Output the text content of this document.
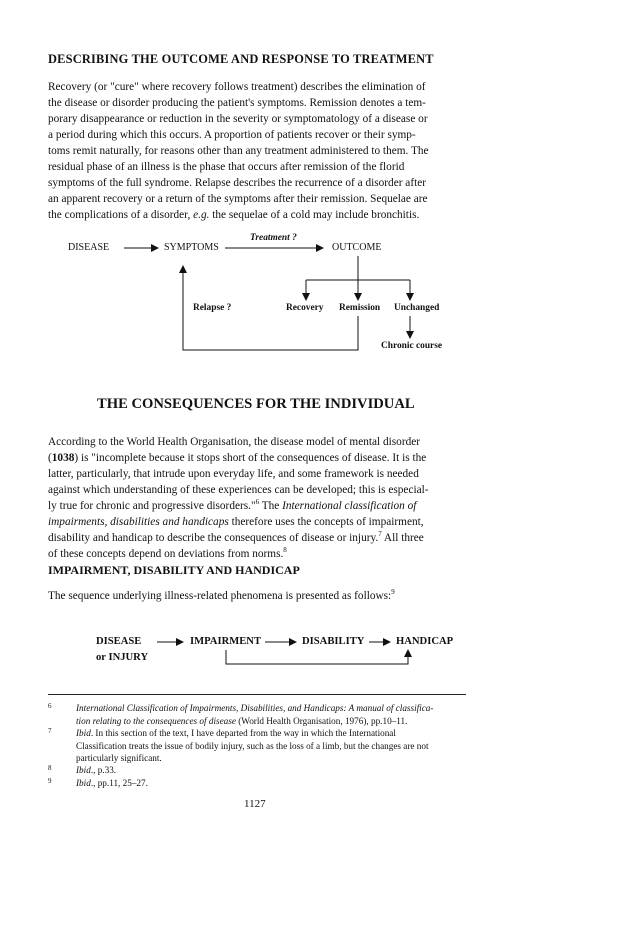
DESCRIBING THE OUTCOME AND RESPONSE TO TREATMENT
Recovery (or "cure" where recovery follows treatment) describes the elimination of
the disease or disorder producing the patient's symptoms. Remission denotes a tem-
porary disappearance or reduction in the severity or symptomatology of a disease or
a period during which this occurs. A proportion of patients recover or their symp-
toms remit naturally, for reasons other than any treatment administered to them. The
residual phase of an illness is the phase that occurs after remission of the florid
symptoms of the full syndrome. Relapse describes the recurrence of a disorder after
an apparent recovery or a return of the symptoms after their remission. Sequelae are
the complications of a disorder, e.g. the sequelae of a cold may include bronchitis.
DISEASE	SYMPTOMS	OUTCOME
Treatment ?
Relapse ?	Recovery Remission Unchanged
Chronic course
THE CONSEQUENCES FOR THE INDIVIDUAL
According to the World Health Organisation, the disease model of mental disorder
(1038) is "incomplete because it stops short of the consequences of disease. It is the
latter, particularly, that intrude upon everyday life, and some framework is needed
against which understanding of these experiences can be developed; this is especial-
ly true for chronic and progressive disorders."$^6$ The International classification of
impairments, disabilities and handicaps therefore uses the concepts of impairment,
disability and handicap to describe the consequences of disease or injury.$^7$ All three
of these concepts depend on deviations from norms.$^8$
IMPAIRMENT, DISABILITY AND HANDICAP
The sequence underlying illness-related phenomena is presented as follows:$^9$
DISEASE
or INJURY
IMPAIRMENT	DISABILITY	HANDICAP
6	International Classification of Impairments, Disabilities, and Handicaps: A manual of classifica-
tion relating to the consequences of disease (World Health Organisation, 1976), pp.10–11.
7	Ibid. In this section of the text, I have departed from the way in which the International
Classification treats the issue of bodily injury, such as the loss of a limb, but the changes are not
particularly significant.
8	Ibid., p.33.
9	Ibid., pp.11, 25–27.
1127
